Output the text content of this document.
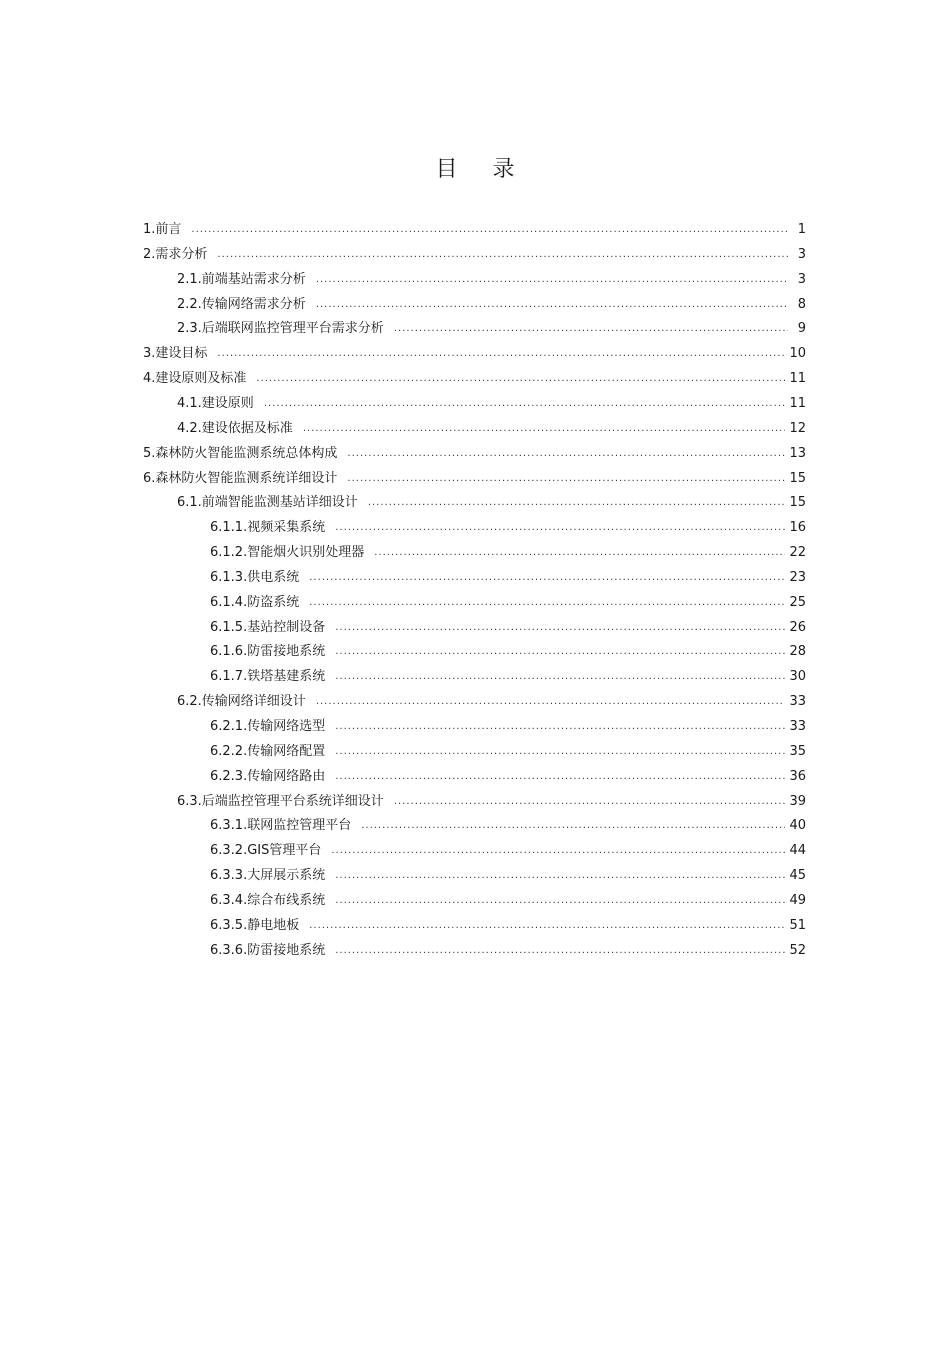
目 录
1.前言 .....	1
2.需求分析 .....	3
2.1.前端基站需求分析 .....	3
2.2.传输网络需求分析 .....	8
2.3.后端联网监控管理平台需求分析 .....	9
3.建设目标 .....	10
4.建设原则及标准 .....	11
4.1.建设原则 .....	11
4.2.建设依据及标准 .....	12
5.森林防火智能监测系统总体构成 .....	13
6.森林防火智能监测系统详细设计 .....	15
6.1.前端智能监测基站详细设计 .....	15
6.1.1.视频采集系统 .....	16
6.1.2.智能烟火识别处理器 .....	22
6.1.3.供电系统 .....	23
6.1.4.防盗系统 .....	25
6.1.5.基站控制设备 .....	26
6.1.6.防雷接地系统 .....	28
6.1.7.铁塔基建系统 .....	30
6.2.传输网络详细设计 .....	33
6.2.1.传输网络选型 .....	33
6.2.2.传输网络配置 .....	35
6.2.3.传输网络路由 .....	36
6.3.后端监控管理平台系统详细设计 .....	39
6.3.1.联网监控管理平台 .....	40
6.3.2.GIS管理平台 .....	44
6.3.3.大屏展示系统 .....	45
6.3.4.综合布线系统 .....	49
6.3.5.静电地板 .....	51
6.3.6.防雷接地系统 .....	52
